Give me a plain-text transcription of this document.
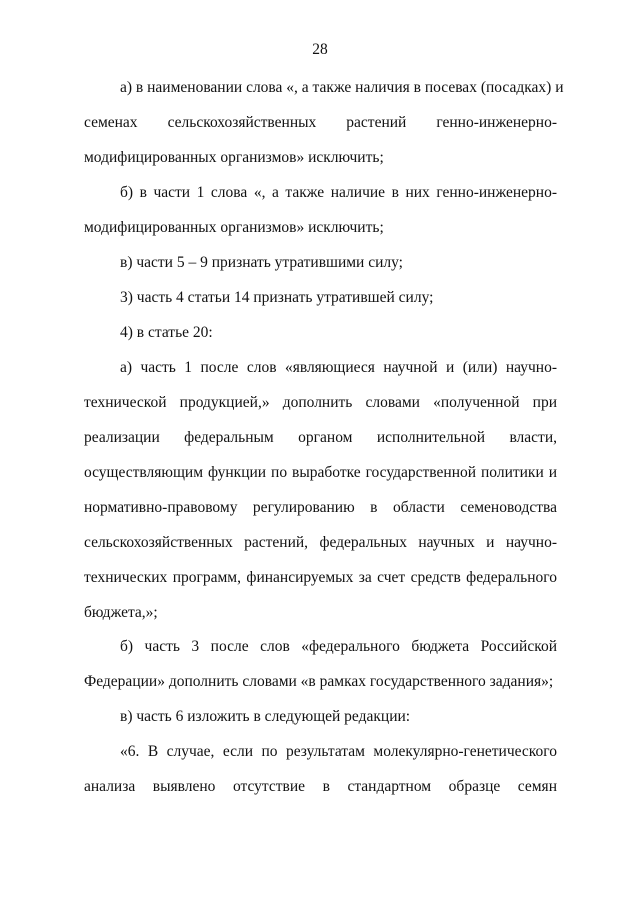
28
а) в наименовании слова «, а также наличия в посевах (посадках) и
семенах сельскохозяйственных растений генно-инженерно-
модифицированных организмов» исключить;
б) в части 1 слова «, а также наличие в них генно-инженерно-
модифицированных организмов» исключить;
в) части 5 – 9 признать утратившими силу;
3) часть 4 статьи 14 признать утратившей силу;
4) в статье 20:
а) часть 1 после слов «являющиеся научной и (или) научно-
технической продукцией,» дополнить словами «полученной при
реализации федеральным органом исполнительной власти,
осуществляющим функции по выработке государственной политики и
нормативно-правовому регулированию в области семеноводства
сельскохозяйственных растений, федеральных научных и научно-
технических программ, финансируемых за счет средств федерального
бюджета,»;
б) часть 3 после слов «федерального бюджета Российской
Федерации» дополнить словами «в рамках государственного задания»;
в) часть 6 изложить в следующей редакции:
«6. В случае, если по результатам молекулярно-генетического
анализа выявлено отсутствие в стандартном образце семян
